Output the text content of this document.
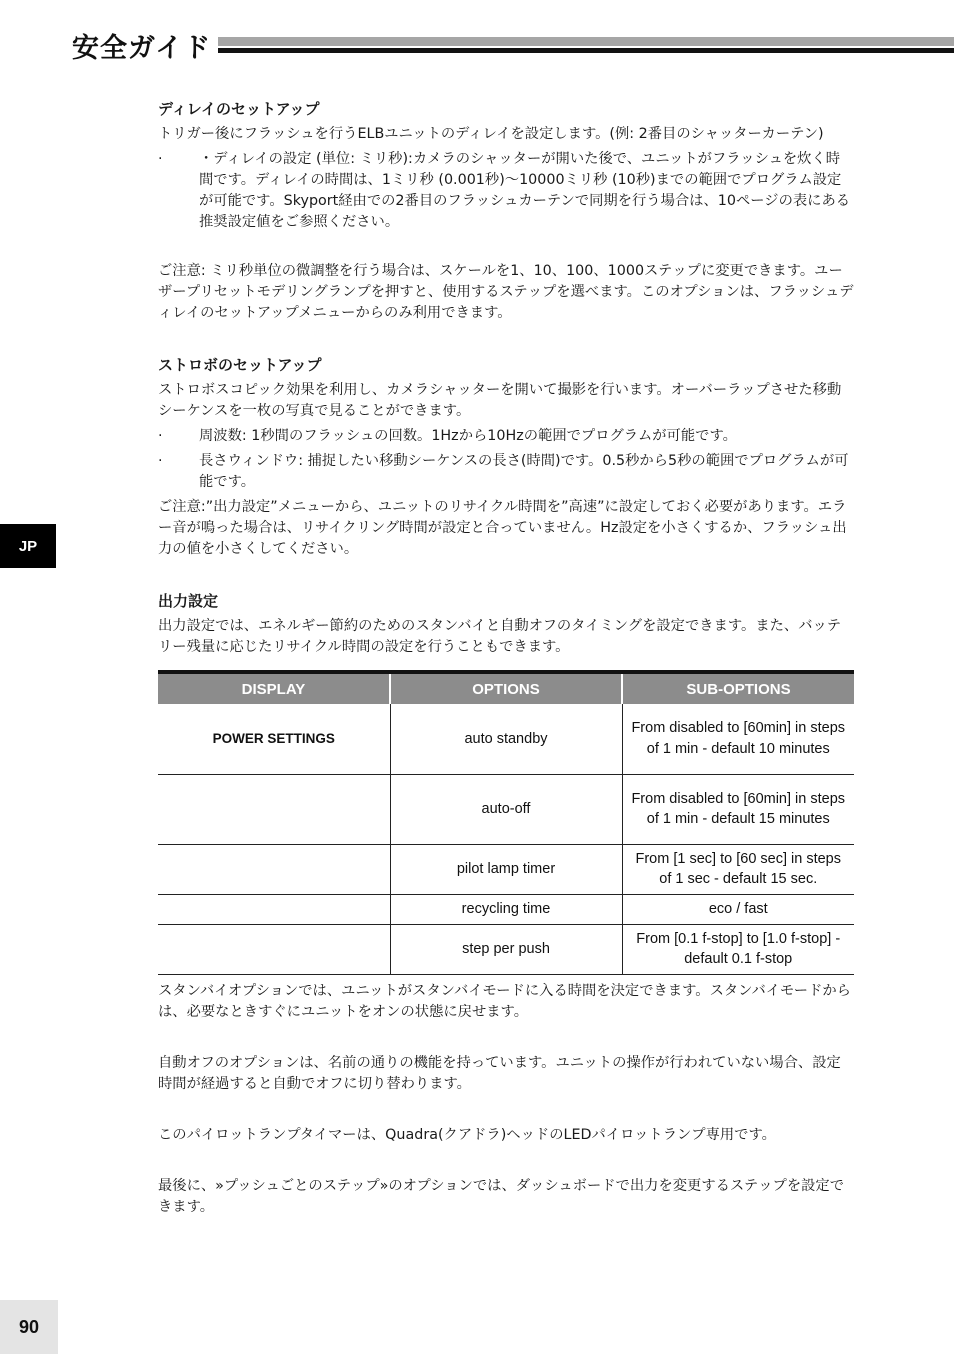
安全ガイド
JP
ディレイのセットアップ

トリガー後にフラッシュを行うELBユニットのディレイを設定します。(例: 2番目のシャッターカーテン)

·	・ディレイの設定 (単位: ミリ秒):カメラのシャッターが開いた後で、ユニットがフラッシュを炊く時間です。ディレイの時間は、1ミリ秒 (0.001秒)〜10000ミリ秒 (10秒)までの範囲でプログラム設定が可能です。Skyport経由での2番目のフラッシュカーテンで同期を行う場合は、10ページの表にある推奨設定値をご参照ください。

ご注意: ミリ秒単位の微調整を行う場合は、スケールを1、10、100、1000ステップに変更できます。ユーザープリセットモデリングランプを押すと、使用するステップを選べます。このオプションは、フラッシュディレイのセットアップメニューからのみ利用できます。

ストロボのセットアップ

ストロボスコピック効果を利用し、カメラシャッターを開いて撮影を行います。オーバーラップさせた移動シーケンスを一枚の写真で見ることができます。

·	周波数: 1秒間のフラッシュの回数。1Hzから10Hzの範囲でプログラムが可能です。
·	長さウィンドウ: 捕捉したい移動シーケンスの長さ(時間)です。0.5秒から5秒の範囲でプログラムが可能です。

ご注意:”出力設定”メニューから、ユニットのリサイクル時間を”高速”に設定しておく必要があります。エラー音が鳴った場合は、リサイクリング時間が設定と合っていません。Hz設定を小さくするか、フラッシュ出力の値を小さくしてください。

出力設定

出力設定では、エネルギー節約のためのスタンバイと自動オフのタイミングを設定できます。また、バッテリー残量に応じたリサイクル時間の設定を行うこともできます。

DISPLAY	OPTIONS	SUB-OPTIONS
POWER SETTINGS	auto standby	From disabled to [60min] in steps of 1 min - default 10 minutes
	auto-off	From disabled to [60min] in steps of 1 min - default 15 minutes
	pilot lamp timer	From [1 sec] to [60 sec] in steps of 1 sec - default 15 sec.
	recycling time	eco / fast
	step per push	From [0.1 f-stop] to [1.0 f-stop] - default 0.1 f-stop

スタンバイオプションでは、ユニットがスタンバイモードに入る時間を決定できます。スタンバイモードからは、必要なときすぐにユニットをオンの状態に戻せます。

自動オフのオプションは、名前の通りの機能を持っています。ユニットの操作が行われていない場合、設定時間が経過すると自動でオフに切り替わります。

このパイロットランプタイマーは、Quadra(クアドラ)ヘッドのLEDパイロットランプ専用です。

最後に、»プッシュごとのステップ»のオプションでは、ダッシュボードで出力を変更するステップを設定できます。

90
